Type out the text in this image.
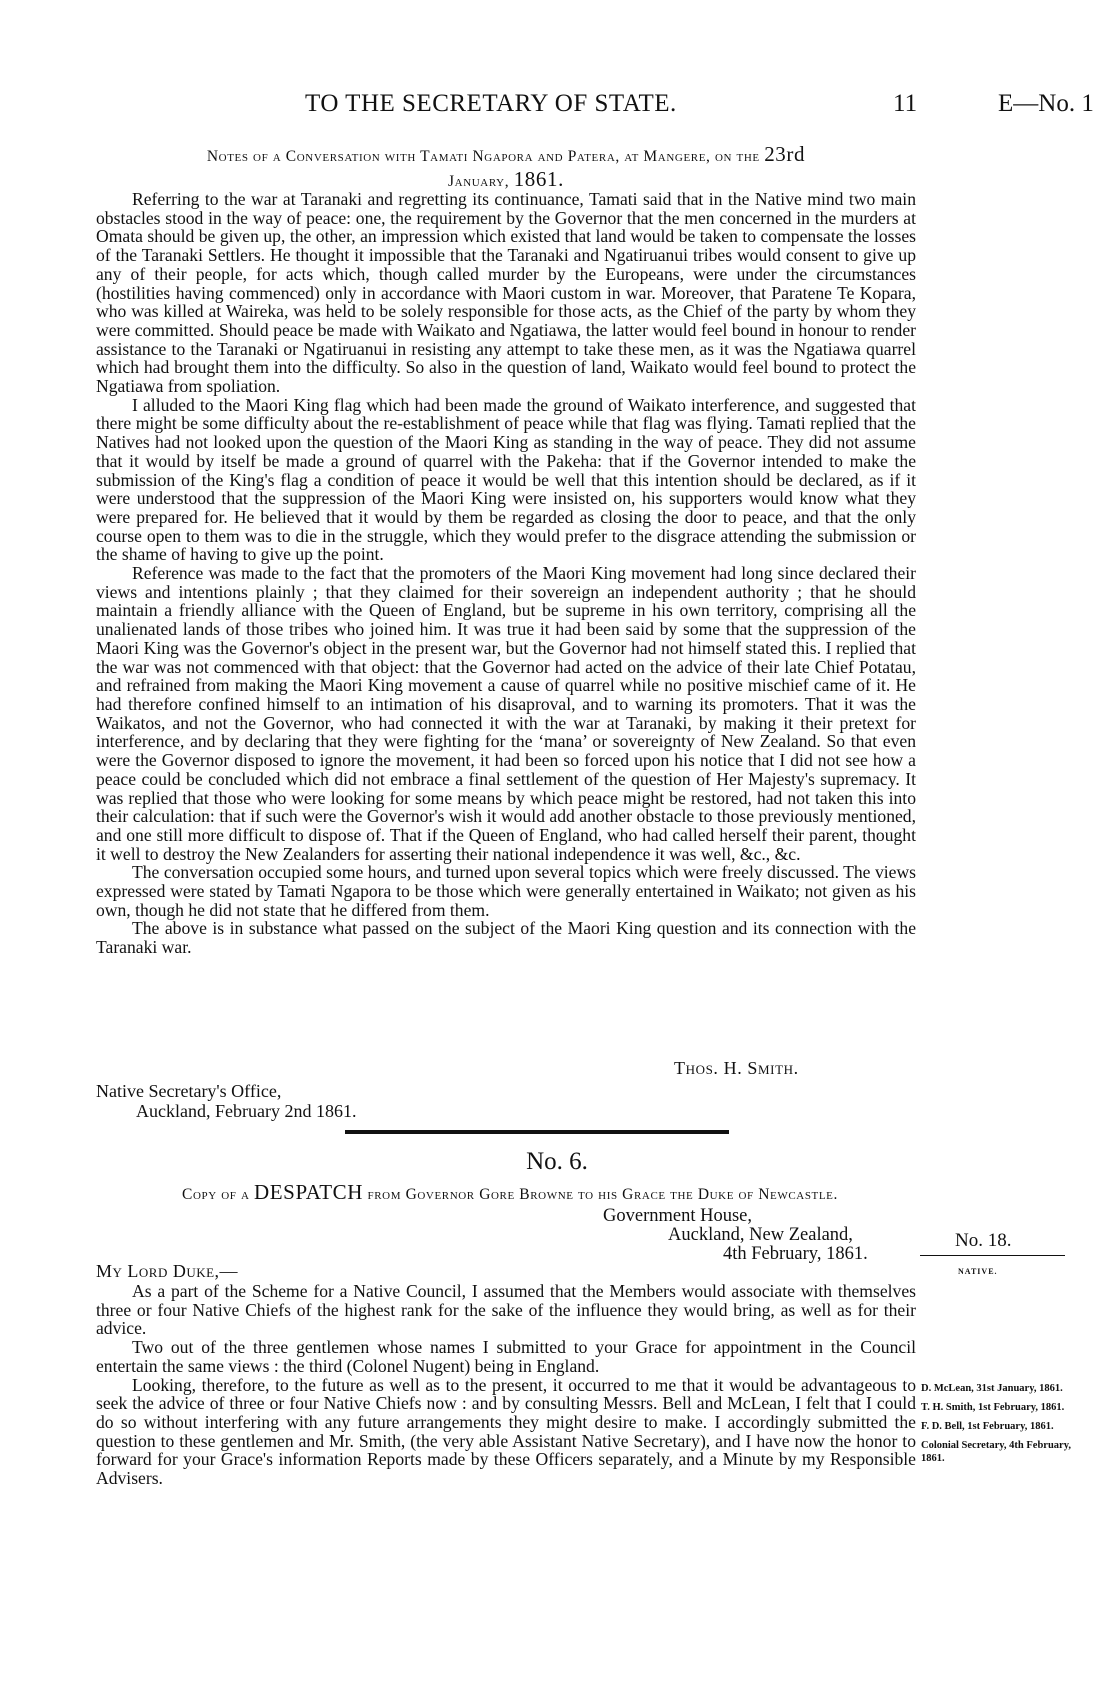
TO THE SECRETARY OF STATE.	11	E—No. 1
Notes of a Conversation with Tamati Ngapora and Patera, at Mangere, on the 23rd
January, 1861.

Referring to the war at Taranaki and regretting its continuance, Tamati said that in the Native mind two main obstacles stood in the way of peace: one, the requirement by the Governor that the men concerned in the murders at Omata should be given up, the other, an impression which existed that land would be taken to compensate the losses of the Taranaki Settlers. He thought it impossible that the Taranaki and Ngatiruanui tribes would consent to give up any of their people, for acts which, though called murder by the Europeans, were under the circumstances (hostilities having commenced) only in accordance with Maori custom in war. Moreover, that Paratene Te Kopara, who was killed at Waireka, was held to be solely responsible for those acts, as the Chief of the party by whom they were committed. Should peace be made with Waikato and Ngatiawa, the latter would feel bound in honour to render assistance to the Taranaki or Ngatiruanui in resisting any attempt to take these men, as it was the Ngatiawa quarrel which had brought them into the difficulty. So also in the question of land, Waikato would feel bound to protect the Ngatiawa from spoliation.

I alluded to the Maori King flag which had been made the ground of Waikato interference, and suggested that there might be some difficulty about the re-establishment of peace while that flag was flying. Tamati replied that the Natives had not looked upon the question of the Maori King as standing in the way of peace. They did not assume that it would by itself be made a ground of quarrel with the Pakeha: that if the Governor intended to make the submission of the King's flag a condition of peace it would be well that this intention should be declared, as if it were understood that the suppression of the Maori King were insisted on, his supporters would know what they were prepared for. He believed that it would by them be regarded as closing the door to peace, and that the only course open to them was to die in the struggle, which they would prefer to the disgrace attending the submission or the shame of having to give up the point.

Reference was made to the fact that the promoters of the Maori King movement had long since declared their views and intentions plainly ; that they claimed for their sovereign an independent authority ; that he should maintain a friendly alliance with the Queen of England, but be supreme in his own territory, comprising all the unalienated lands of those tribes who joined him. It was true it had been said by some that the suppression of the Maori King was the Governor's object in the present war, but the Governor had not himself stated this. I replied that the war was not commenced with that object: that the Governor had acted on the advice of their late Chief Potatau, and refrained from making the Maori King movement a cause of quarrel while no positive mischief came of it. He had therefore confined himself to an intimation of his disaproval, and to warning its promoters. That it was the Waikatos, and not the Governor, who had connected it with the war at Taranaki, by making it their pretext for interference, and by declaring that they were fighting for the ‘mana’ or sovereignty of New Zealand. So that even were the Governor disposed to ignore the movement, it had been so forced upon his notice that I did not see how a peace could be concluded which did not embrace a final settlement of the question of Her Majesty's supremacy. It was replied that those who were looking for some means by which peace might be restored, had not taken this into their calculation: that if such were the Governor's wish it would add another obstacle to those previously mentioned, and one still more difficult to dispose of. That if the Queen of England, who had called herself their parent, thought it well to destroy the New Zealanders for asserting their national independence it was well, &c., &c.

The conversation occupied some hours, and turned upon several topics which were freely discussed. The views expressed were stated by Tamati Ngapora to be those which were generally entertained in Waikato; not given as his own, though he did not state that he differed from them.

The above is in substance what passed on the subject of the Maori King question and its connection with the Taranaki war.

Thos. H. Smith.
Native Secretary's Office,
Auckland, February 2nd 1861.
No. 6.
Copy of a DESPATCH from Governor Gore Browne to his Grace the Duke of Newcastle.
Government House,
Auckland, New Zealand,
4th February, 1861.
No. 18.
NATIVE.
My Lord Duke,—

As a part of the Scheme for a Native Council, I assumed that the Members would associate with themselves three or four Native Chiefs of the highest rank for the sake of the influence they would bring, as well as for their advice.

Two out of the three gentlemen whose names I submitted to your Grace for appointment in the Council entertain the same views : the third (Colonel Nugent) being in England.

Looking, therefore, to the future as well as to the present, it occurred to me that it would be advantageous to seek the advice of three or four Native Chiefs now : and by consulting Messrs. Bell and McLean, I felt that I could do so without interfering with any future arrangements they might desire to make. I accordingly submitted the question to these gentlemen and Mr. Smith, (the very able Assistant Native Secretary), and I have now the honor to forward for your Grace's information Reports made by these Officers separately, and a Minute by my Responsible Advisers.

D. McLean, 31st January, 1861.
T. H. Smith, 1st February, 1861.
F. D. Bell, 1st February, 1861.
Colonial Secretary, 4th February, 1861.
